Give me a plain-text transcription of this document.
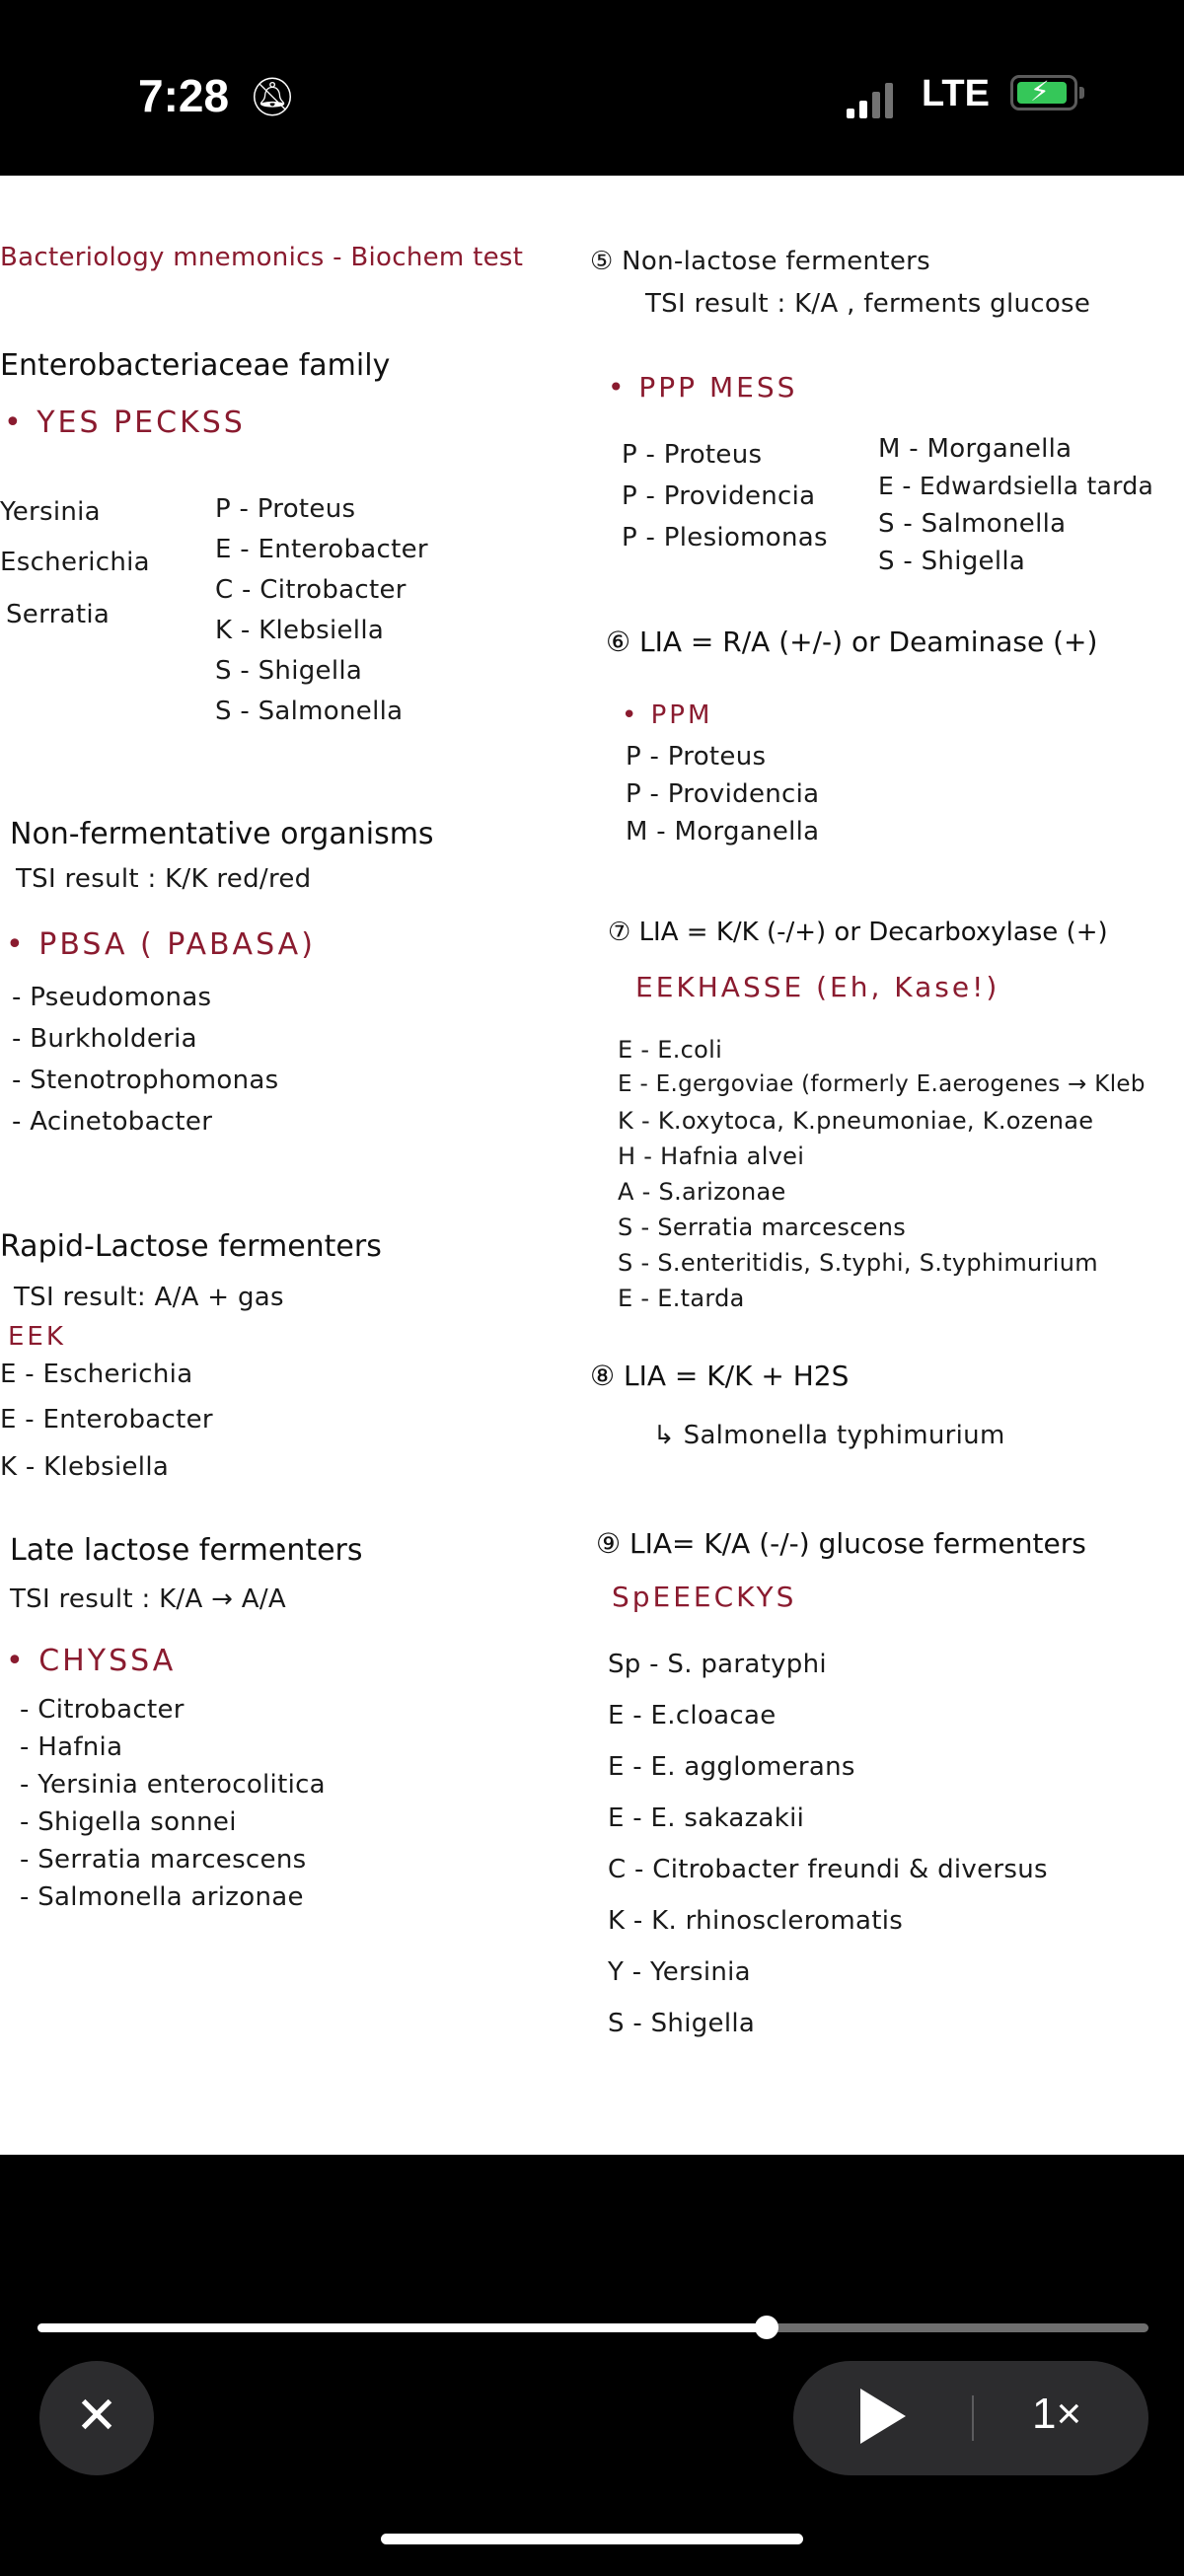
7:28 🔕︎	LTE ⚡
Bacteriology mnemonics - Biochem test
Enterobacteriaceae family
• YES PECKSS
Yersinia
Escherichia
Serratia
P - Proteus
E - Enterobacter
C - Citrobacter
K - Klebsiella
S - Shigella
S - Salmonella
Non-fermentative organisms
TSI result : K/K red/red
• PBSA ( PABASA)
- Pseudomonas
- Burkholderia
- Stenotrophomonas
- Acinetobacter
Rapid-Lactose fermenters
TSI result: A/A + gas
EEK
E - Escherichia
E - Enterobacter
K - Klebsiella
Late lactose fermenters
TSI result : K/A → A/A
• CHYSSA
- Citrobacter
- Hafnia
- Yersinia enterocolitica
- Shigella sonnei
- Serratia marcescens
- Salmonella arizonae
⑤ Non-lactose fermenters
TSI result : K/A , ferments glucose
• PPP MESS
P - Proteus
P - Providencia
P - Plesiomonas
M - Morganella
E - Edwardsiella tarda
S - Salmonella
S - Shigella
⑥ LIA = R/A (+/-) or Deaminase (+)
• PPM
P - Proteus
P - Providencia
M - Morganella
⑦ LIA = K/K (-/+) or Decarboxylase (+)
EEKHASSE (Eh, Kase!)
E - E.coli
E - E.gergoviae (formerly E.aerogenes → Kleb
K - K.oxytoca, K.pneumoniae, K.ozenae
H - Hafnia alvei
A - S.arizonae
S - Serratia marcescens
S - S.enteritidis, S.typhi, S.typhimurium
E - E.tarda
⑧ LIA = K/K + H2S
↳ Salmonella typhimurium
⑨ LIA= K/A (-/-) glucose fermenters
SpEEECKYS
Sp - S. paratyphi
E - E.cloacae
E - E. agglomerans
E - E. sakazakii
C - Citrobacter freundi & diversus
K - K. rhinoscleromatis
Y - Yersinia
S - Shigella
✕	1×
